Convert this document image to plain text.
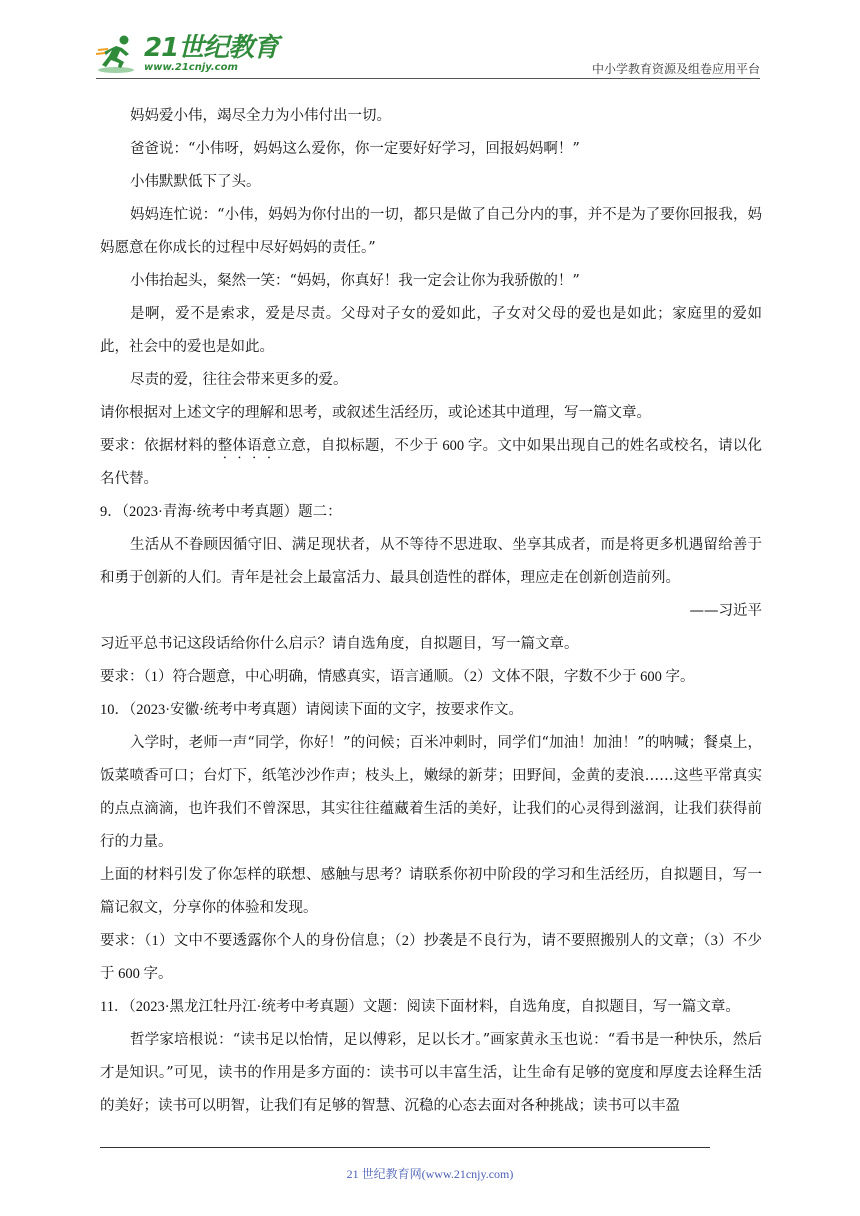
21世纪教育
www.21cnjy.com	中小学教育资源及组卷应用平台

妈妈爱小伟，竭尽全力为小伟付出一切。

爸爸说：“小伟呀，妈妈这么爱你，你一定要好好学习，回报妈妈啊！”

小伟默默低下了头。

妈妈连忙说：“小伟，妈妈为你付出的一切，都只是做了自己分内的事，并不是为了要你回报我，妈妈愿意在你成长的过程中尽好妈妈的责任。”

小伟抬起头，粲然一笑：“妈妈，你真好！我一定会让你为我骄傲的！”

是啊，爱不是索求，爱是尽责。父母对子女的爱如此，子女对父母的爱也是如此；家庭里的爱如此，社会中的爱也是如此。

尽责的爱，往往会带来更多的爱。

请你根据对上述文字的理解和思考，或叙述生活经历，或论述其中道理，写一篇文章。

要求：依据材料的整体语意立意，自拟标题，不少于 600 字。文中如果出现自己的姓名或校名，请以化名代替。

9．（2023·青海·统考中考真题）题二：

生活从不眷顾因循守旧、满足现状者，从不等待不思进取、坐享其成者，而是将更多机遇留给善于和勇于创新的人们。青年是社会上最富活力、最具创造性的群体，理应走在创新创造前列。

——习近平

习近平总书记这段话给你什么启示？请自选角度，自拟题目，写一篇文章。

要求：（1）符合题意，中心明确，情感真实，语言通顺。（2）文体不限，字数不少于 600 字。

10．（2023·安徽·统考中考真题）请阅读下面的文字，按要求作文。

入学时，老师一声“同学，你好！”的问候；百米冲刺时，同学们“加油！加油！”的呐喊；餐桌上，饭菜喷香可口；台灯下，纸笔沙沙作声；枝头上，嫩绿的新芽；田野间，金黄的麦浪……这些平常真实的点点滴滴，也许我们不曾深思，其实往往蕴藏着生活的美好，让我们的心灵得到滋润，让我们获得前行的力量。

上面的材料引发了你怎样的联想、感触与思考？请联系你初中阶段的学习和生活经历，自拟题目，写一篇记叙文，分享你的体验和发现。

要求：（1）文中不要透露你个人的身份信息；（2）抄袭是不良行为，请不要照搬别人的文章；（3）不少于 600 字。

11．（2023·黑龙江牡丹江·统考中考真题）文题：阅读下面材料，自选角度，自拟题目，写一篇文章。

哲学家培根说：“读书足以怡情，足以傅彩，足以长才。”画家黄永玉也说：“看书是一种快乐，然后才是知识。”可见，读书的作用是多方面的：读书可以丰富生活，让生命有足够的宽度和厚度去诠释生活的美好；读书可以明智，让我们有足够的智慧、沉稳的心态去面对各种挑战；读书可以丰盈

21 世纪教育网(www.21cnjy.com)
